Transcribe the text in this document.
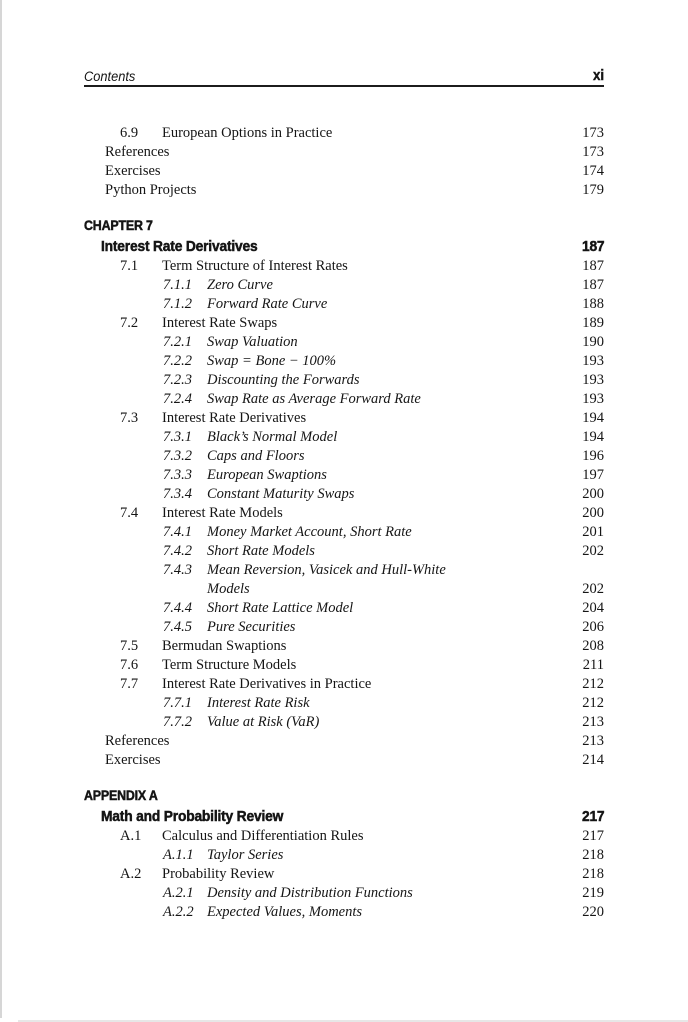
Contents	xi
6.9	European Options in Practice	173
References	173
Exercises	174
Python Projects	179
CHAPTER 7
Interest Rate Derivatives	187
7.1	Term Structure of Interest Rates	187
7.1.1	Zero Curve	187
7.1.2	Forward Rate Curve	188
7.2	Interest Rate Swaps	189
7.2.1	Swap Valuation	190
7.2.2	Swap = Bone − 100%	193
7.2.3	Discounting the Forwards	193
7.2.4	Swap Rate as Average Forward Rate	193
7.3	Interest Rate Derivatives	194
7.3.1	Black’s Normal Model	194
7.3.2	Caps and Floors	196
7.3.3	European Swaptions	197
7.3.4	Constant Maturity Swaps	200
7.4	Interest Rate Models	200
7.4.1	Money Market Account, Short Rate	201
7.4.2	Short Rate Models	202
7.4.3	Mean Reversion, Vasicek and Hull-White
Models	202
7.4.4	Short Rate Lattice Model	204
7.4.5	Pure Securities	206
7.5	Bermudan Swaptions	208
7.6	Term Structure Models	211
7.7	Interest Rate Derivatives in Practice	212
7.7.1	Interest Rate Risk	212
7.7.2	Value at Risk (VaR)	213
References	213
Exercises	214
APPENDIX A
Math and Probability Review	217
A.1	Calculus and Differentiation Rules	217
A.1.1 Taylor Series	218
A.2	Probability Review	218
A.2.1 Density and Distribution Functions	219
A.2.2 Expected Values, Moments	220
